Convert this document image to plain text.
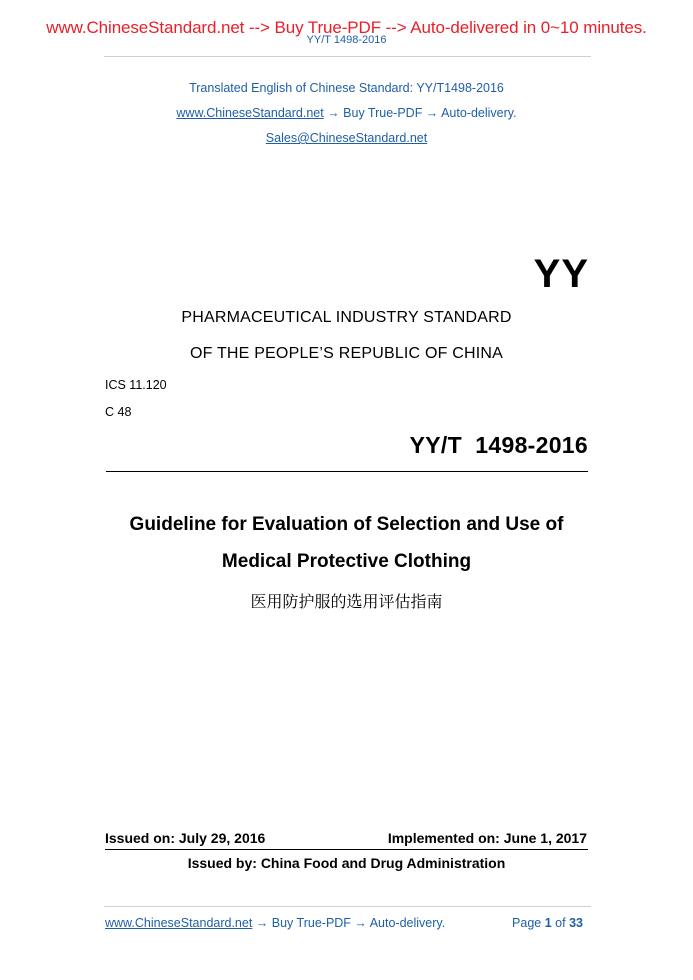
www.ChineseStandard.net --> Buy True-PDF --> Auto-delivered in 0~10 minutes.
YY/T 1498-2016
Translated English of Chinese Standard: YY/T1498-2016
www.ChineseStandard.net → Buy True-PDF → Auto-delivery.
Sales@ChineseStandard.net
YY
PHARMACEUTICAL INDUSTRY STANDARD
OF THE PEOPLE’S REPUBLIC OF CHINA
ICS 11.120
C 48
YY/T  1498-2016
Guideline for Evaluation of Selection and Use of
Medical Protective Clothing
医用防护服的选用评估指南
Issued on: July 29, 2016	Implemented on: June 1, 2017
Issued by: China Food and Drug Administration
www.ChineseStandard.net → Buy True-PDF → Auto-delivery.	Page 1 of 33
